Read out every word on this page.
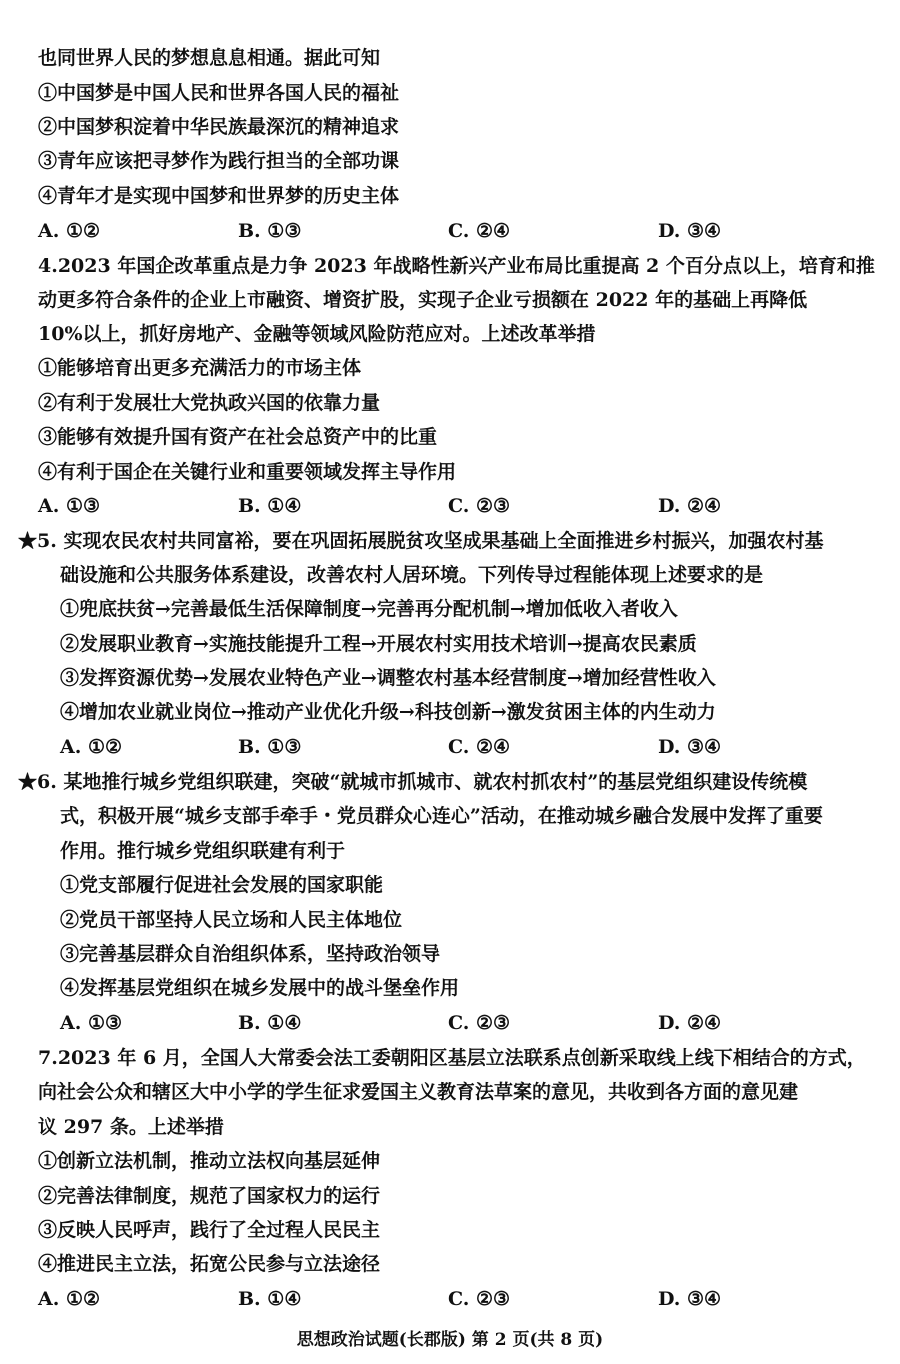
也同世界人民的梦想息息相通。据此可知
①中国梦是中国人民和世界各国人民的福祉
②中国梦积淀着中华民族最深沉的精神追求
③青年应该把寻梦作为践行担当的全部功课
④青年才是实现中国梦和世界梦的历史主体
A. ①②	B. ①③	C. ②④	D. ③④
4.2023 年国企改革重点是力争 2023 年战略性新兴产业布局比重提高 2 个百分点以上，培育和推
动更多符合条件的企业上市融资、增资扩股，实现子企业亏损额在 2022 年的基础上再降低
10%以上，抓好房地产、金融等领域风险防范应对。上述改革举措
①能够培育出更多充满活力的市场主体
②有利于发展壮大党执政兴国的依靠力量
③能够有效提升国有资产在社会总资产中的比重
④有利于国企在关键行业和重要领域发挥主导作用
A. ①③	B. ①④	C. ②③	D. ②④
★5. 实现农民农村共同富裕，要在巩固拓展脱贫攻坚成果基础上全面推进乡村振兴，加强农村基
础设施和公共服务体系建设，改善农村人居环境。下列传导过程能体现上述要求的是
①兜底扶贫→完善最低生活保障制度→完善再分配机制→增加低收入者收入
②发展职业教育→实施技能提升工程→开展农村实用技术培训→提高农民素质
③发挥资源优势→发展农业特色产业→调整农村基本经营制度→增加经营性收入
④增加农业就业岗位→推动产业优化升级→科技创新→激发贫困主体的内生动力
A. ①②	B. ①③	C. ②④	D. ③④
★6. 某地推行城乡党组织联建，突破“就城市抓城市、就农村抓农村”的基层党组织建设传统模
式，积极开展“城乡支部手牵手・党员群众心连心”活动，在推动城乡融合发展中发挥了重要
作用。推行城乡党组织联建有利于
①党支部履行促进社会发展的国家职能
②党员干部坚持人民立场和人民主体地位
③完善基层群众自治组织体系，坚持政治领导
④发挥基层党组织在城乡发展中的战斗堡垒作用
A. ①③	B. ①④	C. ②③	D. ②④
7.2023 年 6 月，全国人大常委会法工委朝阳区基层立法联系点创新采取线上线下相结合的方式，
向社会公众和辖区大中小学的学生征求爱国主义教育法草案的意见，共收到各方面的意见建
议 297 条。上述举措
①创新立法机制，推动立法权向基层延伸
②完善法律制度，规范了国家权力的运行
③反映人民呼声，践行了全过程人民民主
④推进民主立法，拓宽公民参与立法途径
A. ①②	B. ①④	C. ②③	D. ③④
思想政治试题(长郡版) 第 2 页(共 8 页)
